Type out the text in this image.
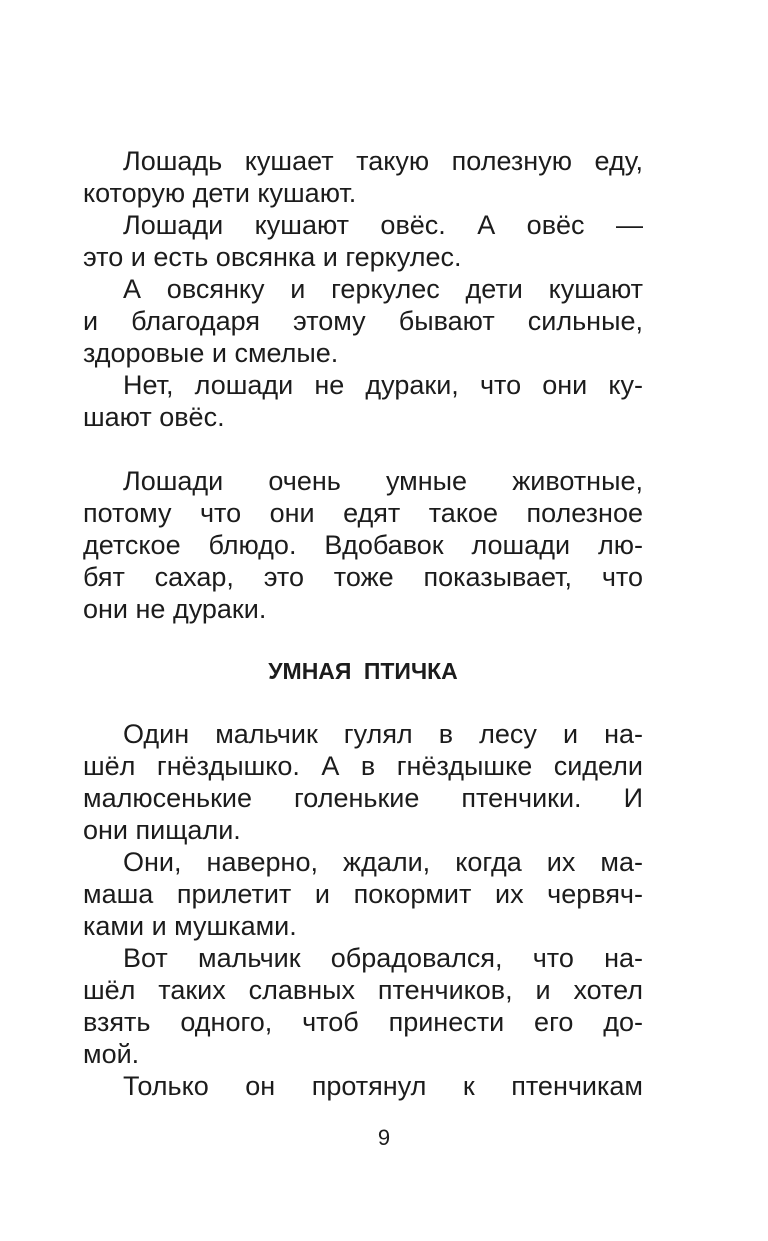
Лошадь кушает такую полезную еду,
которую дети кушают.
Лошади кушают овёс. А овёс —
это и есть овсянка и геркулес.
А овсянку и геркулес дети кушают
и благодаря этому бывают сильные,
здоровые и смелые.
Нет, лошади не дураки, что они ку-
шают овёс.
Лошади очень умные животные,
потому что они едят такое полезное
детское блюдо. Вдобавок лошади лю-
бят сахар, это тоже показывает, что
они не дураки.
УМНАЯ ПТИЧКА
Один мальчик гулял в лесу и на-
шёл гнёздышко. А в гнёздышке сидели
малюсенькие голенькие птенчики. И
они пищали.
Они, наверно, ждали, когда их ма-
маша прилетит и покормит их червяч-
ками и мушками.
Вот мальчик обрадовался, что на-
шёл таких славных птенчиков, и хотел
взять одного, чтоб принести его до-
мой.
Только он протянул к птенчикам
9
